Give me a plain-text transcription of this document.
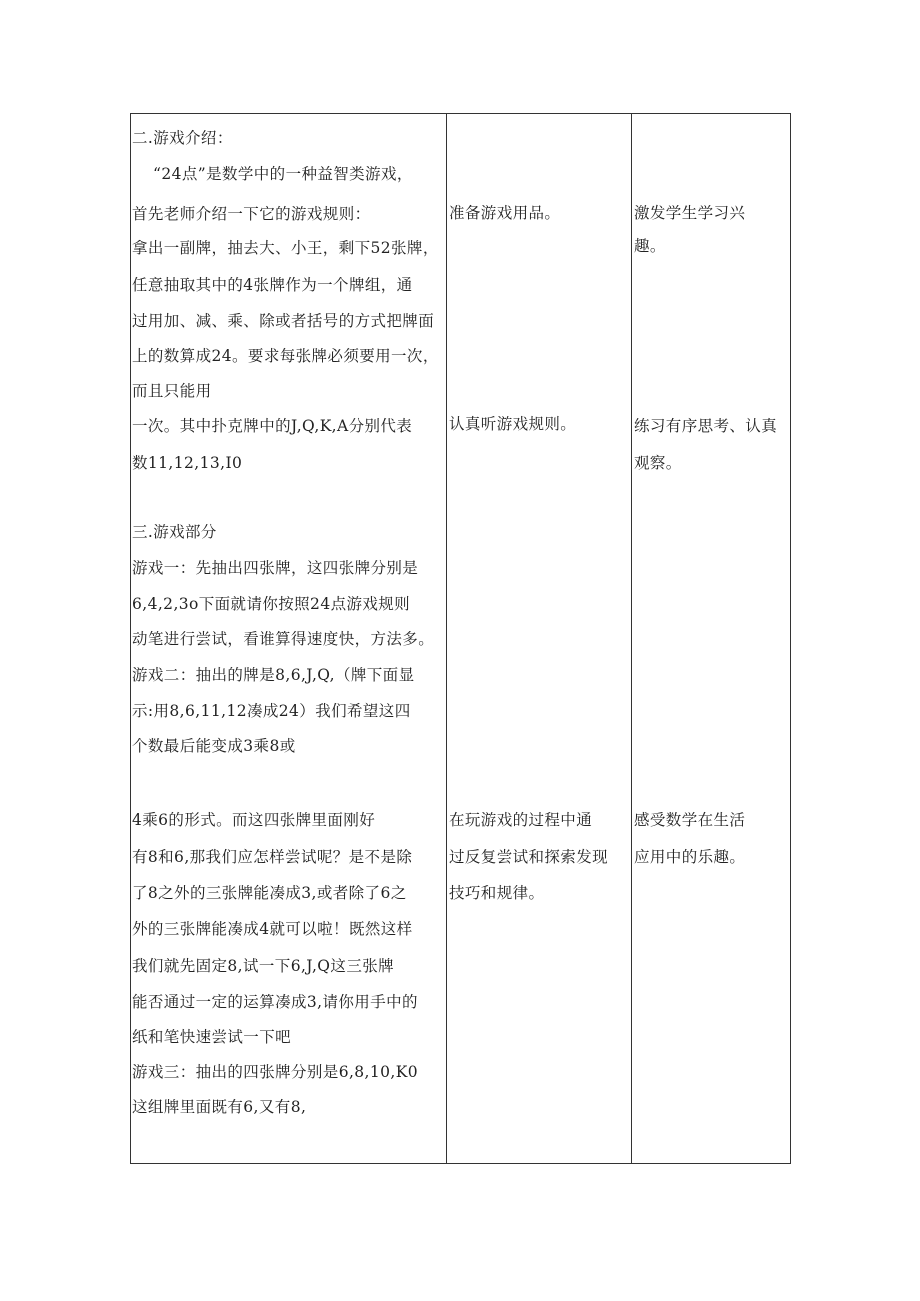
二.游戏介绍：
“24点”是数学中的一种益智类游戏，
首先老师介绍一下它的游戏规则：
拿出一副牌，抽去大、小王，剩下52张牌，
任意抽取其中的4张牌作为一个牌组，通
过用加、减、乘、除或者括号的方式把牌面
上的数算成24。要求每张牌必须要用一次，
而且只能用
一次。其中扑克牌中的J,Q,K,A分别代表
数11,12,13,I0
三.游戏部分
游戏一：先抽出四张牌，这四张牌分别是
6,4,2,3o下面就请你按照24点游戏规则
动笔进行尝试，看谁算得速度快，方法多。
游戏二：抽出的牌是8,6,J,Q,（牌下面显
示:用8,6,11,12凑成24）我们希望这四
个数最后能变成3乘8或
4乘6的形式。而这四张牌里面刚好
有8和6,那我们应怎样尝试呢？是不是除
了8之外的三张牌能凑成3,或者除了6之
外的三张牌能凑成4就可以啦！既然这样
我们就先固定8,试一下6,J,Q这三张牌
能否通过一定的运算凑成3,请你用手中的
纸和笔快速尝试一下吧
游戏三：抽出的四张牌分别是6,8,10,K0
这组牌里面既有6,又有8,
准备游戏用品。
认真听游戏规则。
在玩游戏的过程中通
过反复尝试和探索发现
技巧和规律。
激发学生学习兴
趣。
练习有序思考、认真
观察。
感受数学在生活
应用中的乐趣。
